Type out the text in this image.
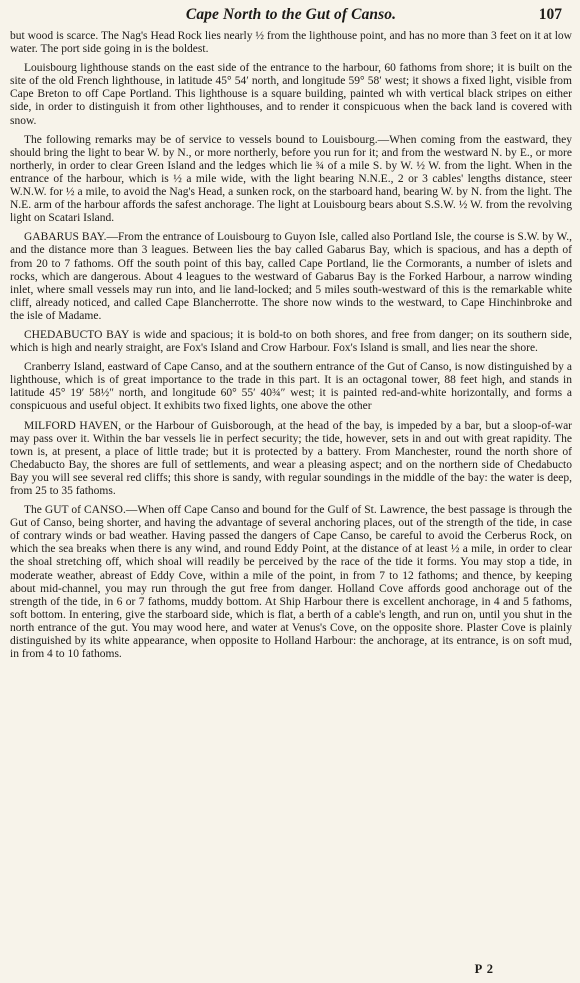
Cape North to the Gut of Canso.	107

but wood is scarce. The Nag's Head Rock lies nearly ½ from the lighthouse point, and has no more than 3 feet on it at low water. The port side going in is the boldest.

Louisbourg lighthouse stands on the east side of the entrance to the harbour, 60 fathoms from shore; it is built on the site of the old French lighthouse, in latitude 45° 54′ north, and longitude 59° 58′ west; it shows a fixed light, visible from Cape Breton to off Cape Portland. This lighthouse is a square building, painted wh with vertical black stripes on either side, in order to distinguish it from other lighthouses, and to render it conspicuous when the back land is covered with snow.

The following remarks may be of service to vessels bound to Louisbourg.—When coming from the eastward, they should bring the light to bear W. by N., or more northerly, before you run for it; and from the westward N. by E., or more northerly, in order to clear Green Island and the ledges which lie ¾ of a mile S. by W. ½ W. from the light. When in the entrance of the harbour, which is ½ a mile wide, with the light bearing N.N.E., 2 or 3 cables' lengths distance, steer W.N.W. for ½ a mile, to avoid the Nag's Head, a sunken rock, on the starboard hand, bearing W. by N. from the light. The N.E. arm of the harbour affords the safest anchorage. The light at Louisbourg bears about S.S.W. ½ W. from the revolving light on Scatari Island.

GABARUS BAY.—From the entrance of Louisbourg to Guyon Isle, called also Portland Isle, the course is S.W. by W., and the distance more than 3 leagues. Between lies the bay called Gabarus Bay, which is spacious, and has a depth of from 20 to 7 fathoms. Off the south point of this bay, called Cape Portland, lie the Cormorants, a number of islets and rocks, which are dangerous. About 4 leagues to the westward of Gabarus Bay is the Forked Harbour, a narrow winding inlet, where small vessels may run into, and lie land-locked; and 5 miles south-westward of this is the remarkable white cliff, already noticed, and called Cape Blancherrotte. The shore now winds to the westward, to Cape Hinchinbroke and the isle of Madame.

CHEDABUCTO BAY is wide and spacious; it is bold-to on both shores, and free from danger; on its southern side, which is high and nearly straight, are Fox's Island and Crow Harbour. Fox's Island is small, and lies near the shore.

Cranberry Island, eastward of Cape Canso, and at the southern entrance of the Gut of Canso, is now distinguished by a lighthouse, which is of great importance to the trade in this part. It is an octagonal tower, 88 feet high, and stands in latitude 45° 19′ 58½″ north, and longitude 60° 55′ 40¾″ west; it is painted red-and-white horizontally, and forms a conspicuous and useful object. It exhibits two fixed lights, one above the other

MILFORD HAVEN, or the Harbour of Guisborough, at the head of the bay, is impeded by a bar, but a sloop-of-war may pass over it. Within the bar vessels lie in perfect security; the tide, however, sets in and out with great rapidity. The town is, at present, a place of little trade; but it is protected by a battery. From Manchester, round the north shore of Chedabucto Bay, the shores are full of settlements, and wear a pleasing aspect; and on the northern side of Chedabucto Bay you will see several red cliffs; this shore is sandy, with regular soundings in the middle of the bay: the water is deep, from 25 to 35 fathoms.

The GUT of CANSO.—When off Cape Canso and bound for the Gulf of St. Lawrence, the best passage is through the Gut of Canso, being shorter, and having the advantage of several anchoring places, out of the strength of the tide, in case of contrary winds or bad weather. Having passed the dangers of Cape Canso, be careful to avoid the Cerberus Rock, on which the sea breaks when there is any wind, and round Eddy Point, at the distance of at least ½ a mile, in order to clear the shoal stretching off, which shoal will readily be perceived by the race of the tide it forms. You may stop a tide, in moderate weather, abreast of Eddy Cove, within a mile of the point, in from 7 to 12 fathoms; and thence, by keeping about mid-channel, you may run through the gut free from danger. Holland Cove affords good anchorage out of the strength of the tide, in 6 or 7 fathoms, muddy bottom. At Ship Harbour there is excellent anchorage, in 4 and 5 fathoms, soft bottom. In entering, give the starboard side, which is flat, a berth of a cable's length, and run on, until you shut in the north entrance of the gut. You may wood here, and water at Venus's Cove, on the opposite shore. Plaster Cove is plainly distinguished by its white appearance, when opposite to Holland Harbour: the anchorage, at its entrance, is on soft mud, in from 4 to 10 fathoms.

P 2
